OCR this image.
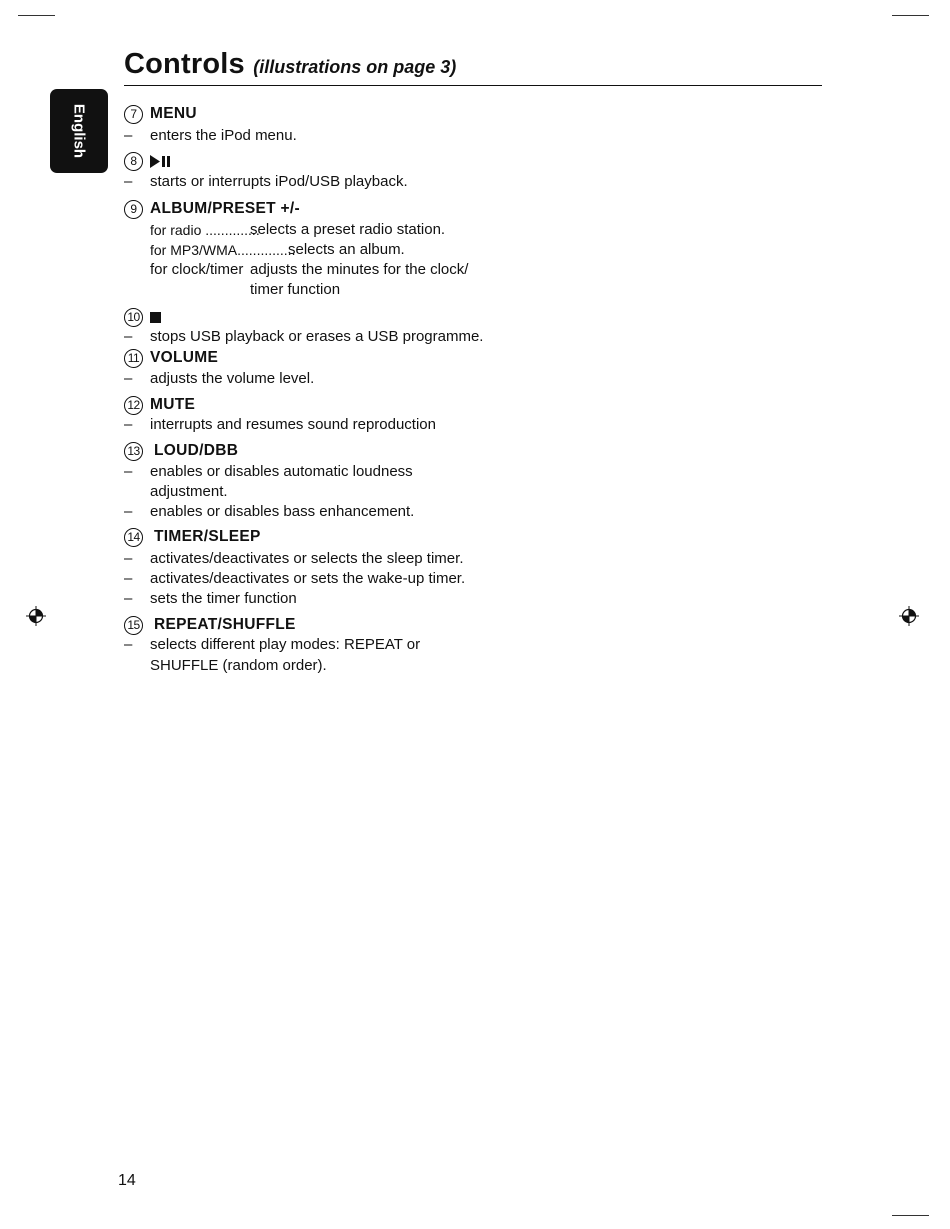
Controls (illustrations on page 3)
English	7 MENU
– enters the iPod menu.
8
– starts or interrupts iPod/USB playback.
9 ALBUM/PRESET +/-
for radio ..............
selects a preset radio station.
for MP3/WMA...............
selects an album.
for clock/timer adjusts the minutes for the clock/
timer function
10
– stops USB playback or erases a USB programme.
11 VOLUME
– adjusts the volume level.
12 MUTE
– interrupts and resumes sound reproduction
13 LOUD/DBB
– enables or disables automatic loudness
adjustment.
– enables or disables bass enhancement.
14 TIMER/SLEEP
– activates/deactivates or selects the sleep timer.
– activates/deactivates or sets the wake-up timer.
– sets the timer function
15 REPEAT/SHUFFLE
– selects different play modes: REPEAT or
SHUFFLE (random order).
14
